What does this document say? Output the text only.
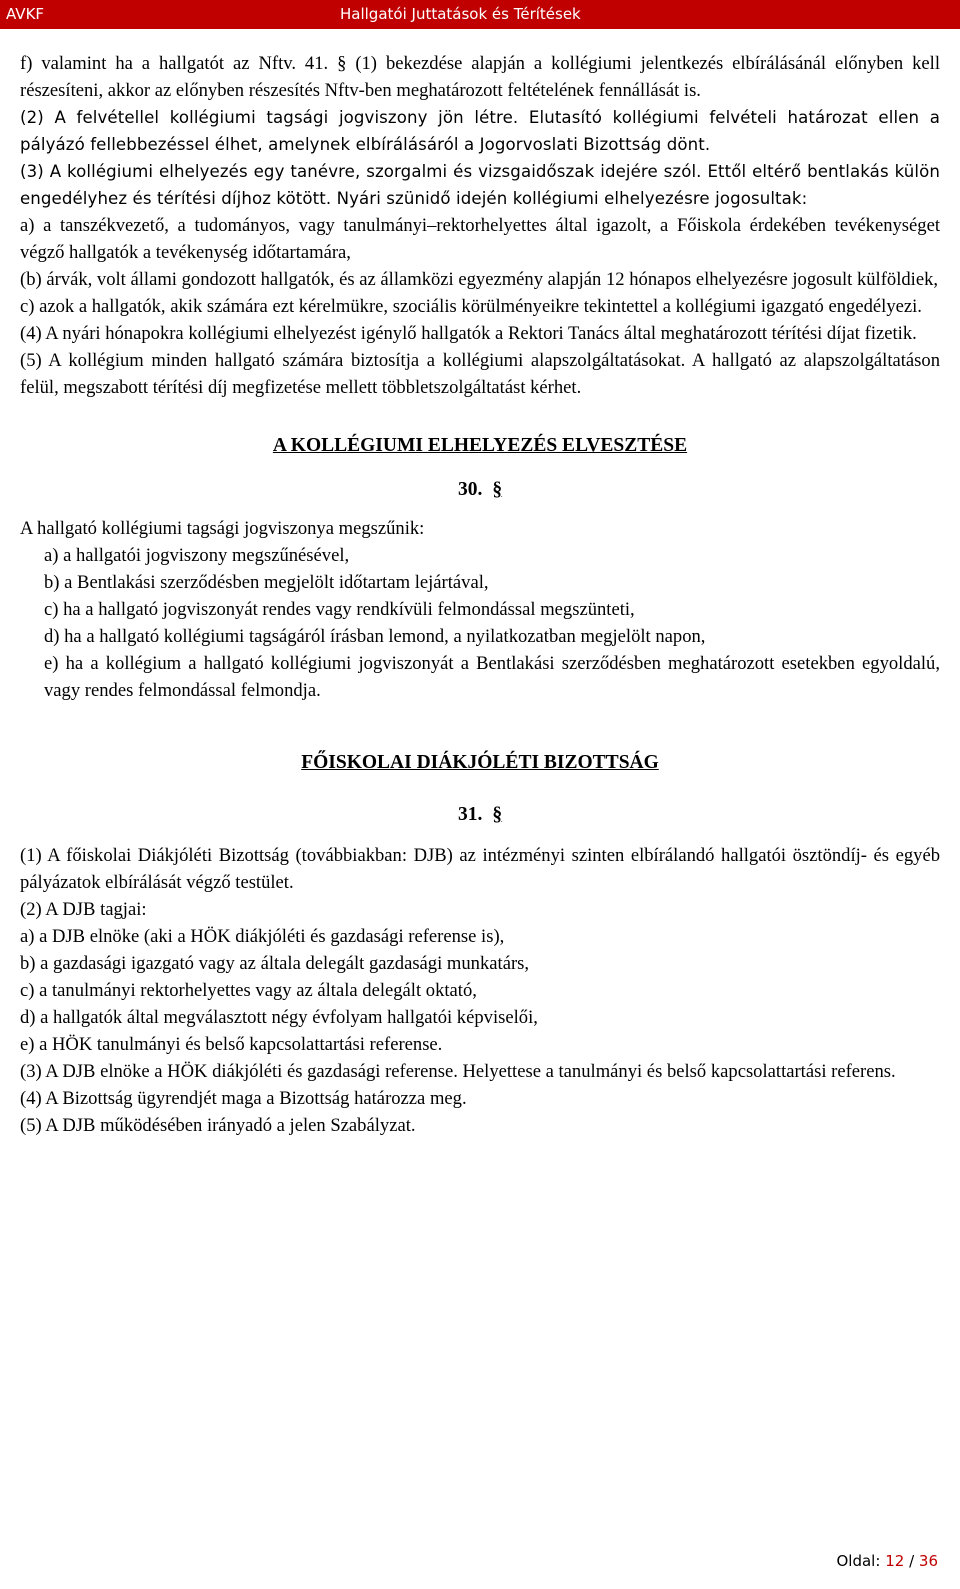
AVKF	Hallgatói Juttatások és Térítések

f) valamint ha a hallgatót az Nftv. 41. § (1) bekezdése alapján a kollégiumi jelentkezés elbírálásánál előnyben kell részesíteni, akkor az előnyben részesítés Nftv-ben meghatározott feltételének fennállását is.

(2) A felvétellel kollégiumi tagsági jogviszony jön létre. Elutasító kollégiumi felvételi határozat ellen a pályázó fellebbezéssel élhet, amelynek elbírálásáról a Jogorvoslati Bizottság dönt.

(3) A kollégiumi elhelyezés egy tanévre, szorgalmi és vizsgaidőszak idejére szól. Ettől eltérő bentlakás külön engedélyhez és térítési díjhoz kötött. Nyári szünidő idején kollégiumi elhelyezésre jogosultak:

a) a tanszékvezető, a tudományos, vagy tanulmányi–rektorhelyettes által igazolt, a Főiskola érdekében tevékenységet végző hallgatók a tevékenység időtartamára,

(b) árvák, volt állami gondozott hallgatók, és az államközi egyezmény alapján 12 hónapos elhelyezésre jogosult külföldiek,

c) azok a hallgatók, akik számára ezt kérelmükre, szociális körülményeikre tekintettel a kollégiumi igazgató engedélyezi.

(4) A nyári hónapokra kollégiumi elhelyezést igénylő hallgatók a Rektori Tanács által meghatározott térítési díjat fizetik.

(5) A kollégium minden hallgató számára biztosítja a kollégiumi alapszolgáltatásokat. A hallgató az alapszolgáltatáson felül, megszabott térítési díj megfizetése mellett többletszolgáltatást kérhet.

A KOLLÉGIUMI ELHELYEZÉS ELVESZTÉSE

30. §

A hallgató kollégiumi tagsági jogviszonya megszűnik:

a) a hallgatói jogviszony megszűnésével,

b) a Bentlakási szerződésben megjelölt időtartam lejártával,

c) ha a hallgató jogviszonyát rendes vagy rendkívüli felmondással megszünteti,

d) ha a hallgató kollégiumi tagságáról írásban lemond, a nyilatkozatban megjelölt napon,

e) ha a kollégium a hallgató kollégiumi jogviszonyát a Bentlakási szerződésben meghatározott esetekben egyoldalú, vagy rendes felmondással felmondja.

FŐISKOLAI DIÁKJÓLÉTI BIZOTTSÁG

31. §

(1) A főiskolai Diákjóléti Bizottság (továbbiakban: DJB) az intézményi szinten elbírálandó hallgatói ösztöndíj- és egyéb pályázatok elbírálását végző testület.

(2) A DJB tagjai:

a) a DJB elnöke (aki a HÖK diákjóléti és gazdasági referense is),

b) a gazdasági igazgató vagy az általa delegált gazdasági munkatárs,

c) a tanulmányi rektorhelyettes vagy az általa delegált oktató,

d) a hallgatók által megválasztott négy évfolyam hallgatói képviselői,

e) a HÖK tanulmányi és belső kapcsolattartási referense.

(3) A DJB elnöke a HÖK diákjóléti és gazdasági referense. Helyettese a tanulmányi és belső kapcsolattartási referens.

(4) A Bizottság ügyrendjét maga a Bizottság határozza meg.

(5) A DJB működésében irányadó a jelen Szabályzat.

Oldal: 12 / 36
